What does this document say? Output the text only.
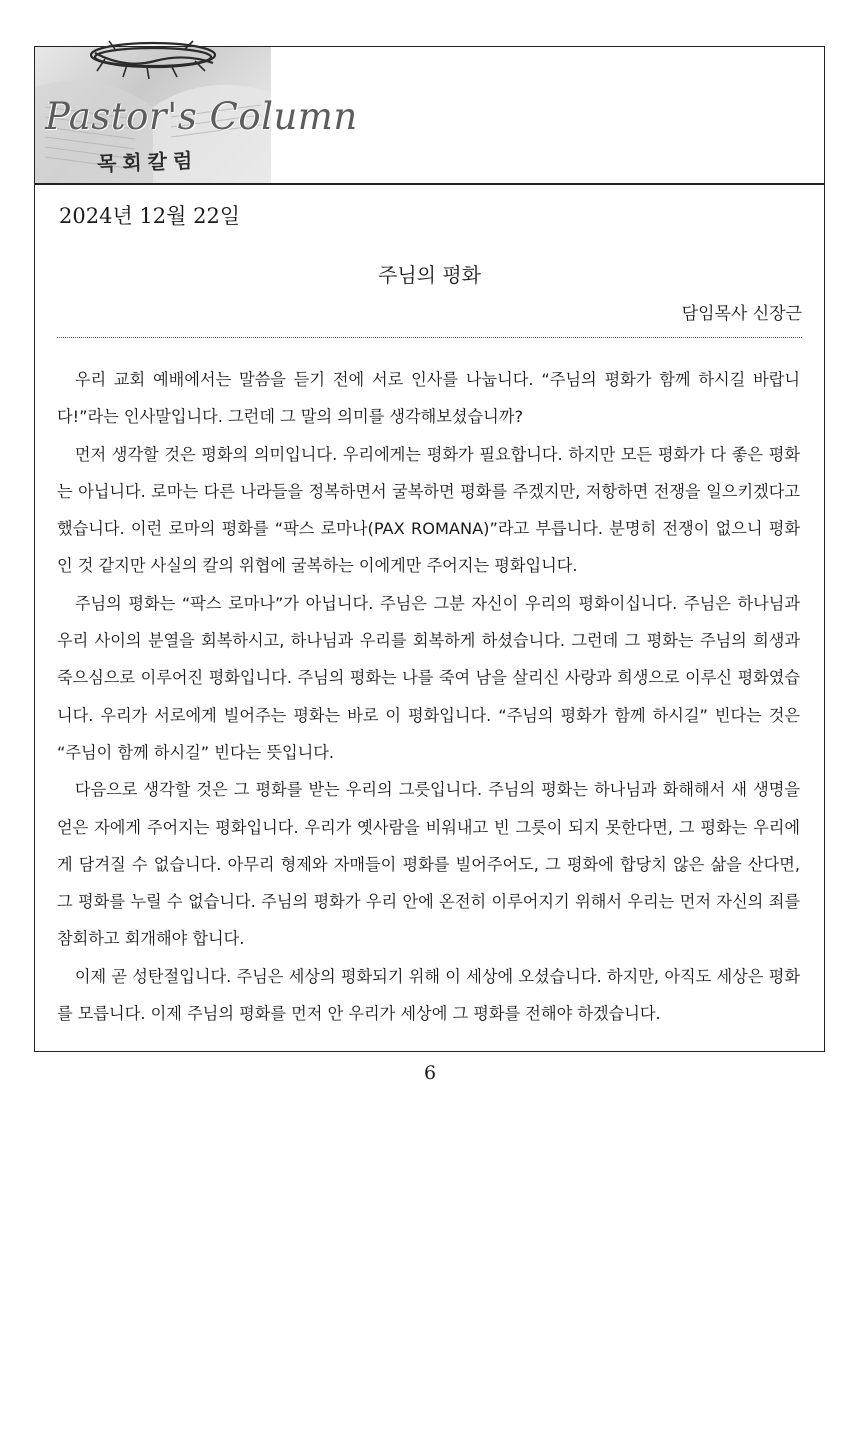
Pastor's Column
목회칼럼
2024년 12월 22일
주님의 평화
담임목사 신장근

우리 교회 예배에서는 말씀을 듣기 전에 서로 인사를 나눕니다. “주님의 평화가 함께 하시길 바랍니다!”라는 인사말입니다. 그런데 그 말의 의미를 생각해보셨습니까?

먼저 생각할 것은 평화의 의미입니다. 우리에게는 평화가 필요합니다. 하지만 모든 평화가 다 좋은 평화는 아닙니다. 로마는 다른 나라들을 정복하면서 굴복하면 평화를 주겠지만, 저항하면 전쟁을 일으키겠다고 했습니다. 이런 로마의 평화를 “팍스 로마나(PAX ROMANA)”라고 부릅니다. 분명히 전쟁이 없으니 평화인 것 같지만 사실의 칼의 위협에 굴복하는 이에게만 주어지는 평화입니다.

주님의 평화는 “팍스 로마나”가 아닙니다. 주님은 그분 자신이 우리의 평화이십니다. 주님은 하나님과 우리 사이의 분열을 회복하시고, 하나님과 우리를 회복하게 하셨습니다. 그런데 그 평화는 주님의 희생과 죽으심으로 이루어진 평화입니다. 주님의 평화는 나를 죽여 남을 살리신 사랑과 희생으로 이루신 평화였습니다. 우리가 서로에게 빌어주는 평화는 바로 이 평화입니다. “주님의 평화가 함께 하시길” 빈다는 것은 “주님이 함께 하시길” 빈다는 뜻입니다.

다음으로 생각할 것은 그 평화를 받는 우리의 그릇입니다. 주님의 평화는 하나님과 화해해서 새 생명을 얻은 자에게 주어지는 평화입니다. 우리가 옛사람을 비워내고 빈 그릇이 되지 못한다면, 그 평화는 우리에게 담겨질 수 없습니다. 아무리 형제와 자매들이 평화를 빌어주어도, 그 평화에 합당치 않은 삶을 산다면, 그 평화를 누릴 수 없습니다. 주님의 평화가 우리 안에 온전히 이루어지기 위해서 우리는 먼저 자신의 죄를 참회하고 회개해야 합니다.

이제 곧 성탄절입니다. 주님은 세상의 평화되기 위해 이 세상에 오셨습니다. 하지만, 아직도 세상은 평화를 모릅니다. 이제 주님의 평화를 먼저 안 우리가 세상에 그 평화를 전해야 하겠습니다.

6
